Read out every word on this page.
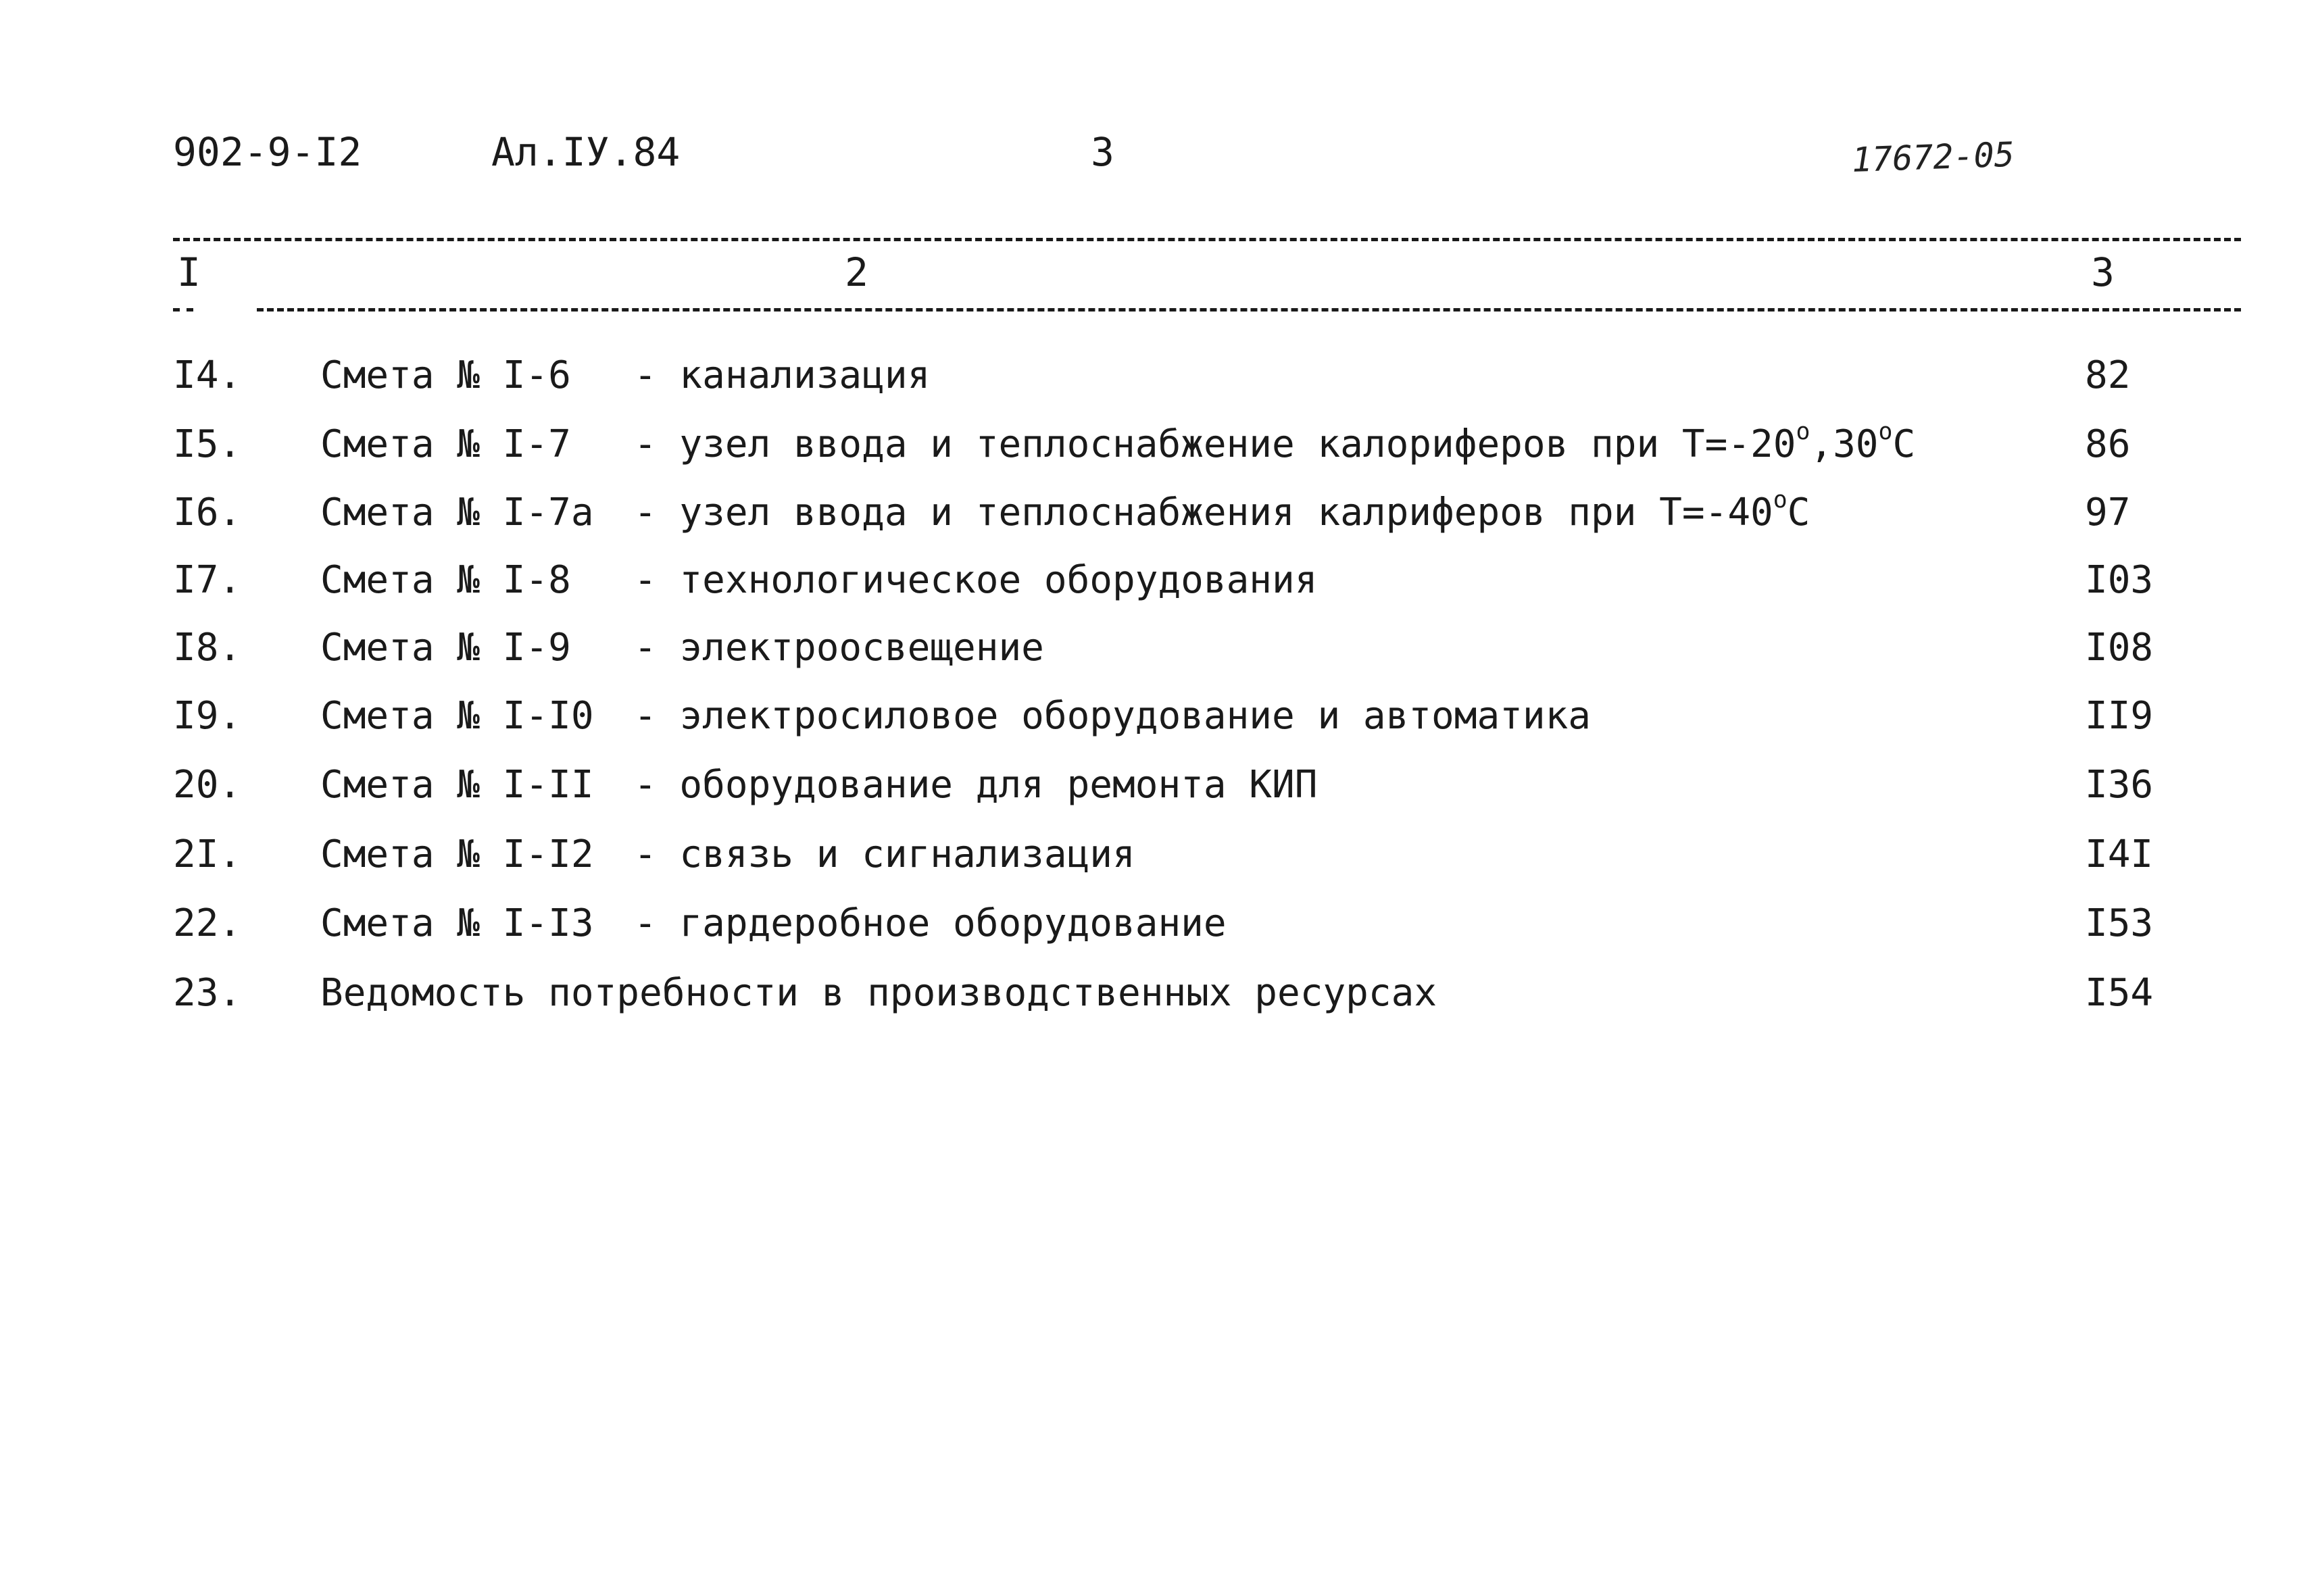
902-9-I2	Ал.IУ.84	3	17672-05
I	2	3
I4. Смета № I-6 - канализация	82
I5. Смета № I-7 - узел ввода и теплоснабжение калориферов при $Т=-20^o,30^oC$	86
I6. Смета № I-7а - узел ввода и теплоснабжения калриферов при $Т=-40^oC$	97
I7. Смета № I-8 - технологическое оборудования	I03
I8. Смета № I-9 - электроосвещение	I08
I9. Смета № I-I0 - электросиловое оборудование и автоматика	II9
20. Смета № I-II - оборудование для ремонта КИП	I36
2I. Смета № I-I2 - связь и сигнализация	I4I
22. Смета № I-I3 - гардеробное оборудование	I53
23. Ведомость потребности в производственных ресурсах	I54
